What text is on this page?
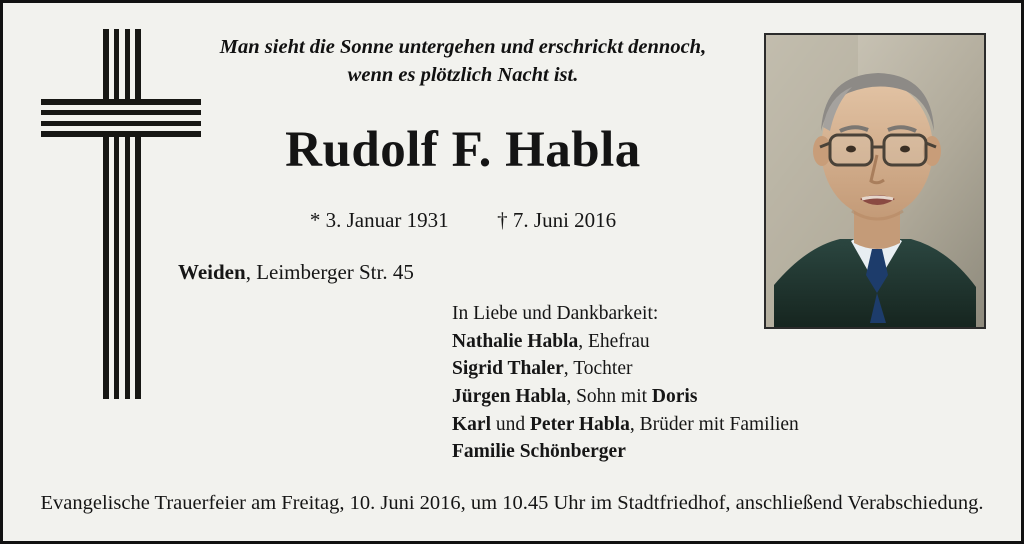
Man sieht die Sonne untergehen und erschrickt dennoch,
wenn es plötzlich Nacht ist.
Rudolf F. Habla
* 3. Januar 1931 † 7. Juni 2016
Weiden, Leimberger Str. 45
In Liebe und Dankbarkeit:
Nathalie Habla, Ehefrau
Sigrid Thaler, Tochter
Jürgen Habla, Sohn mit Doris
Karl und Peter Habla, Brüder mit Familien
Familie Schönberger
Evangelische Trauerfeier am Freitag, 10. Juni 2016, um 10.45 Uhr im Stadtfriedhof, anschließend Verabschiedung.
